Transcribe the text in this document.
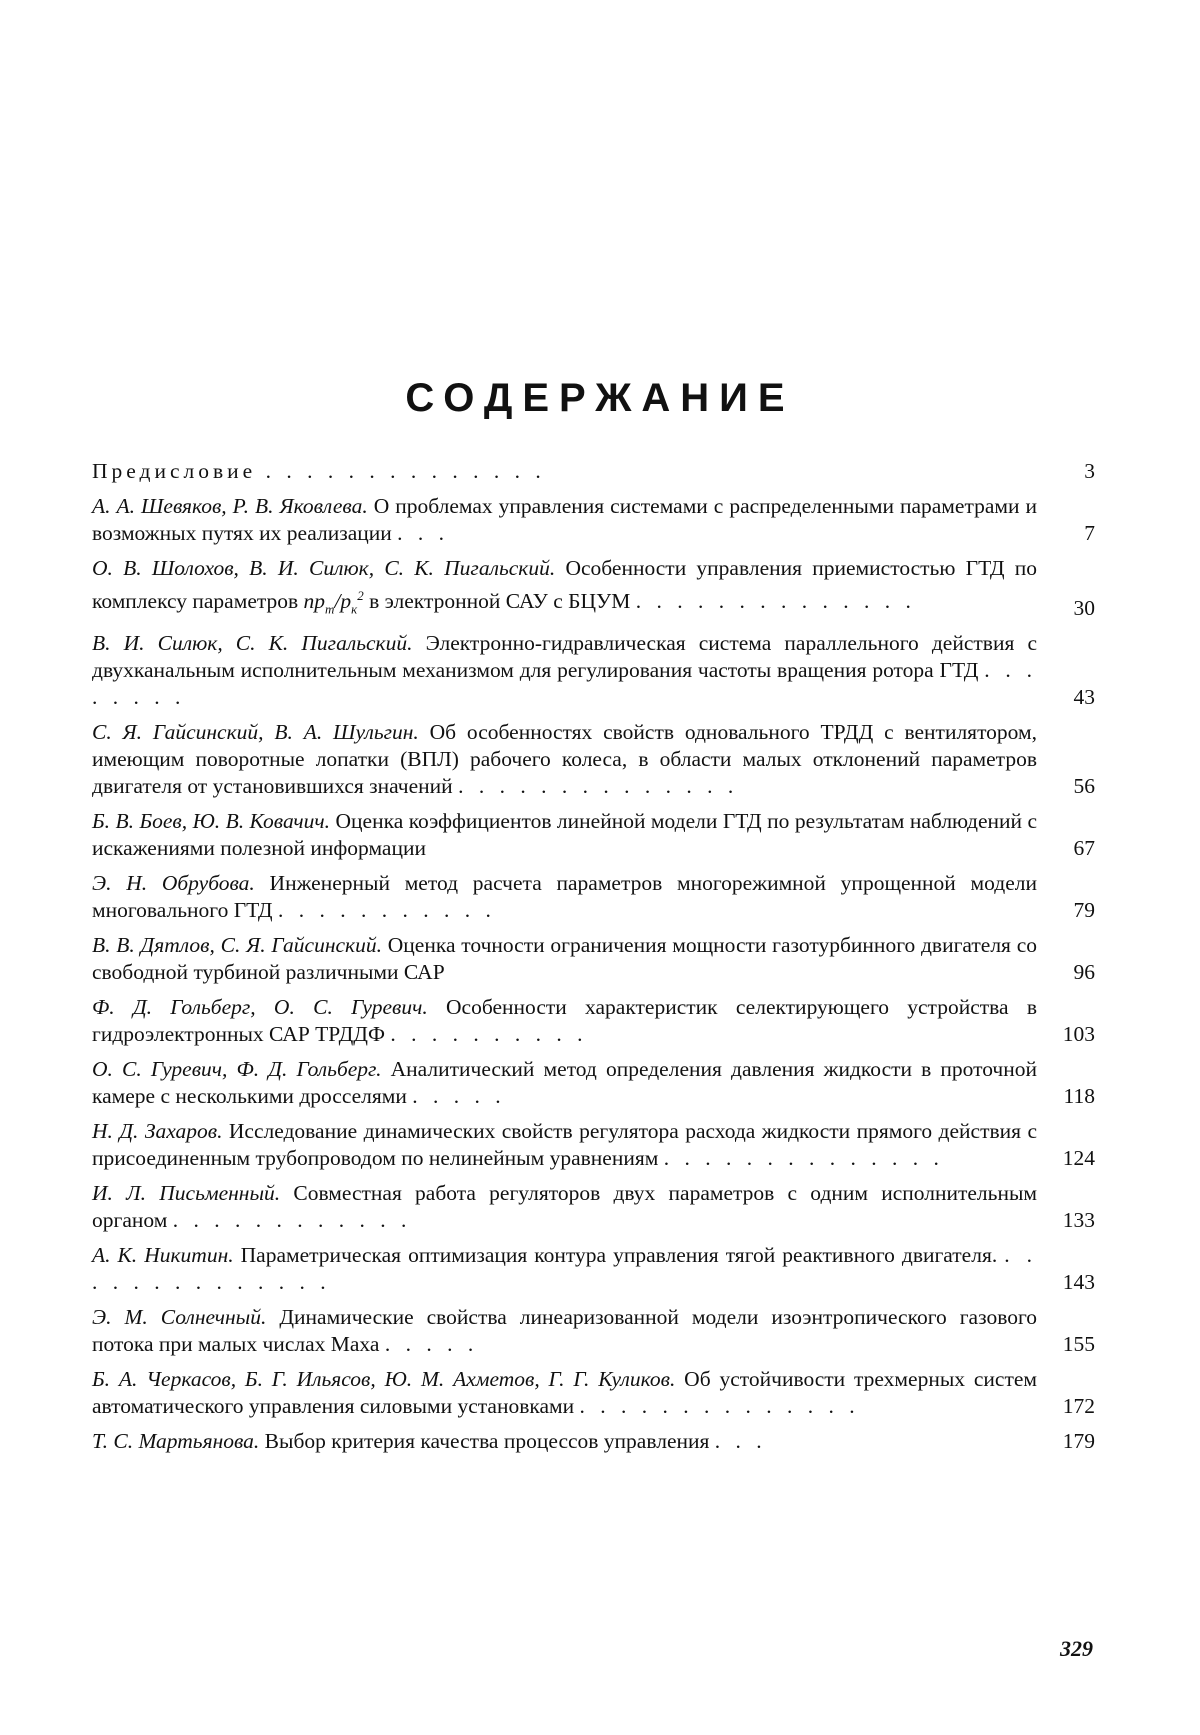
СОДЕРЖАНИЕ
Предисловие . . . . . . . . . . . . . .	3
А. А. Шевяков, Р. В. Яковлева. О проблемах управления системами с распределенными параметрами и возможных путях их реализации . . .	7
О. В. Шолохов, В. И. Силюк, С. К. Пигальский. Особенности управления приемистостью ГТД по комплексу параметров $np_т/p_к^2$ в электронной САУ с БЦУМ . . . . . . . . . . . . . .	30
В. И. Силюк, С. К. Пигальский. Электронно-гидравлическая система параллельного действия с двухканальным исполнительным механизмом для регулирования частоты вращения ротора ГТД . . . . . . . .	43
С. Я. Гайсинский, В. А. Шульгин. Об особенностях свойств одновального ТРДД с вентилятором, имеющим поворотные лопатки (ВПЛ) рабочего колеса, в области малых отклонений параметров двигателя от установившихся значений . . . . . . . . . . . . . .	56
Б. В. Боев, Ю. В. Ковачич. Оценка коэффициентов линейной модели ГТД по результатам наблюдений с искажениями полезной информации	67
Э. Н. Обрубова. Инженерный метод расчета параметров многорежимной упрощенной модели многовального ГТД . . . . . . . . . . .	79
В. В. Дятлов, С. Я. Гайсинский. Оценка точности ограничения мощности газотурбинного двигателя со свободной турбиной различными САР	96
Ф. Д. Гольберг, О. С. Гуревич. Особенности характеристик селектирующего устройства в гидроэлектронных САР ТРДДФ . . . . . . . . . .	103
О. С. Гуревич, Ф. Д. Гольберг. Аналитический метод определения давления жидкости в проточной камере с несколькими дросселями . . . . .	118
Н. Д. Захаров. Исследование динамических свойств регулятора расхода жидкости прямого действия с присоединенным трубопроводом по нелинейным уравнениям . . . . . . . . . . . . . .	124
И. Л. Письменный. Совместная работа регуляторов двух параметров с одним исполнительным органом . . . . . . . . . . . .	133
А. К. Никитин. Параметрическая оптимизация контура управления тягой реактивного двигателя. . . . . . . . . . . . . . .	143
Э. М. Солнечный. Динамические свойства линеаризованной модели изоэнтропического газового потока при малых числах Маха . . . . .	155
Б. А. Черкасов, Б. Г. Ильясов, Ю. М. Ахметов, Г. Г. Куликов. Об устойчивости трехмерных систем автоматического управления силовыми установками . . . . . . . . . . . . . .	172
Т. С. Мартьянова. Выбор критерия качества процессов управления . . .	179
329
